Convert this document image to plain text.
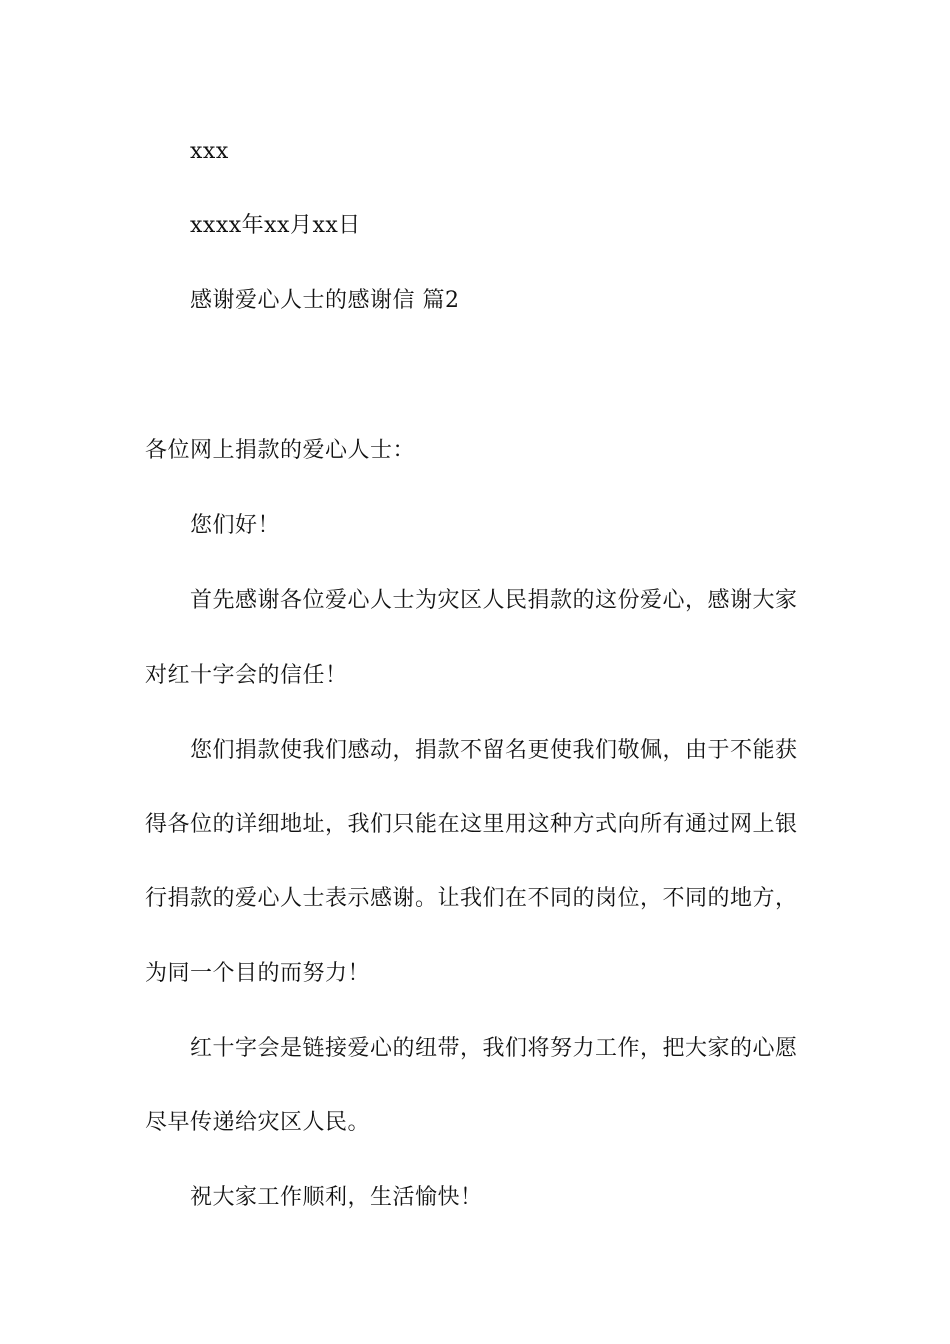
xxx
xxxx年xx月xx日
感谢爱心人士的感谢信 篇2
各位网上捐款的爱心人士：
您们好！
首先感谢各位爱心人士为灾区人民捐款的这份爱心，感谢大家
对红十字会的信任！
您们捐款使我们感动，捐款不留名更使我们敬佩，由于不能获
得各位的详细地址，我们只能在这里用这种方式向所有通过网上银
行捐款的爱心人士表示感谢。让我们在不同的岗位，不同的地方，
为同一个目的而努力！
红十字会是链接爱心的纽带，我们将努力工作，把大家的心愿
尽早传递给灾区人民。
祝大家工作顺利，生活愉快！
